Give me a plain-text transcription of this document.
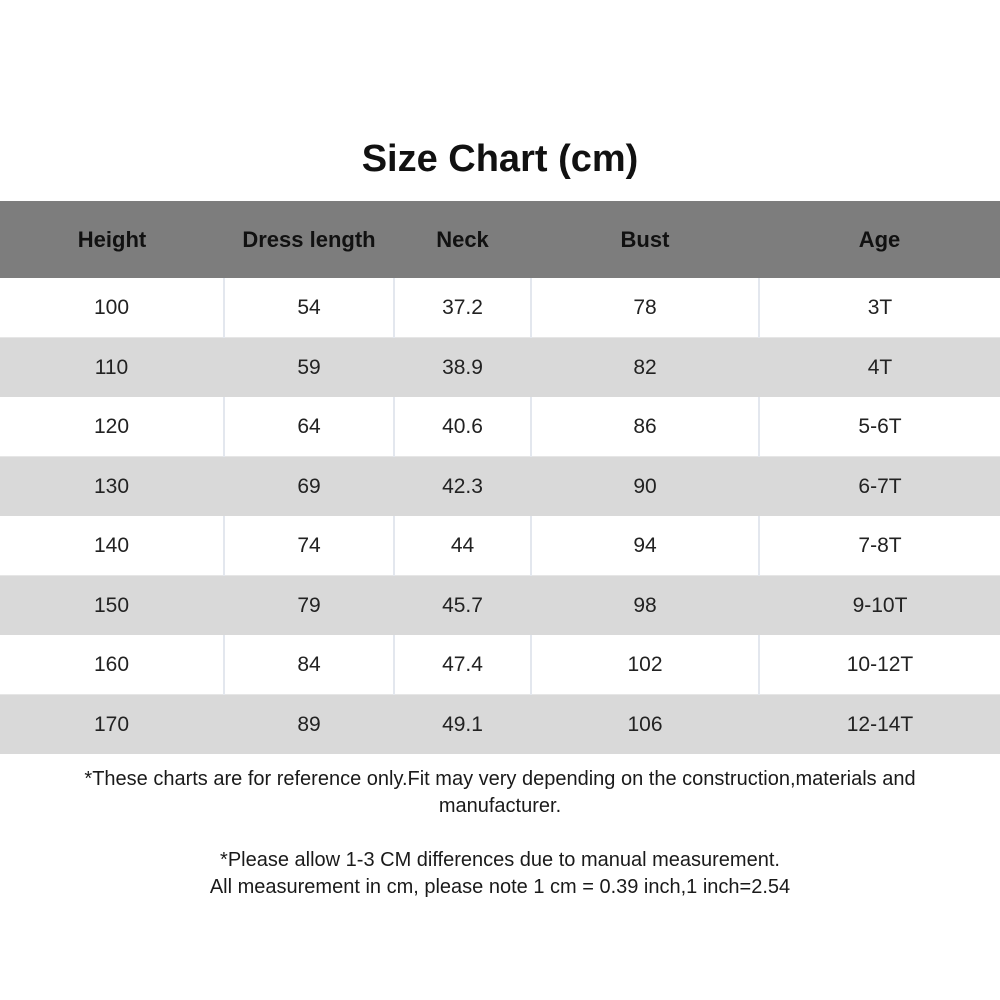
Size Chart (cm)
Height	Dress length	Neck	Bust	Age
100	54	37.2	78	3T
110	59	38.9	82	4T
120	64	40.6	86	5-6T
130	69	42.3	90	6-7T
140	74	44	94	7-8T
150	79	45.7	98	9-10T
160	84	47.4	102	10-12T
170	89	49.1	106	12-14T
*These charts are for reference only.Fit may very depending on the construction,materials and manufacturer.
*Please allow 1-3 CM differences due to manual measurement.
All measurement in cm, please note 1 cm = 0.39 inch,1 inch=2.54
